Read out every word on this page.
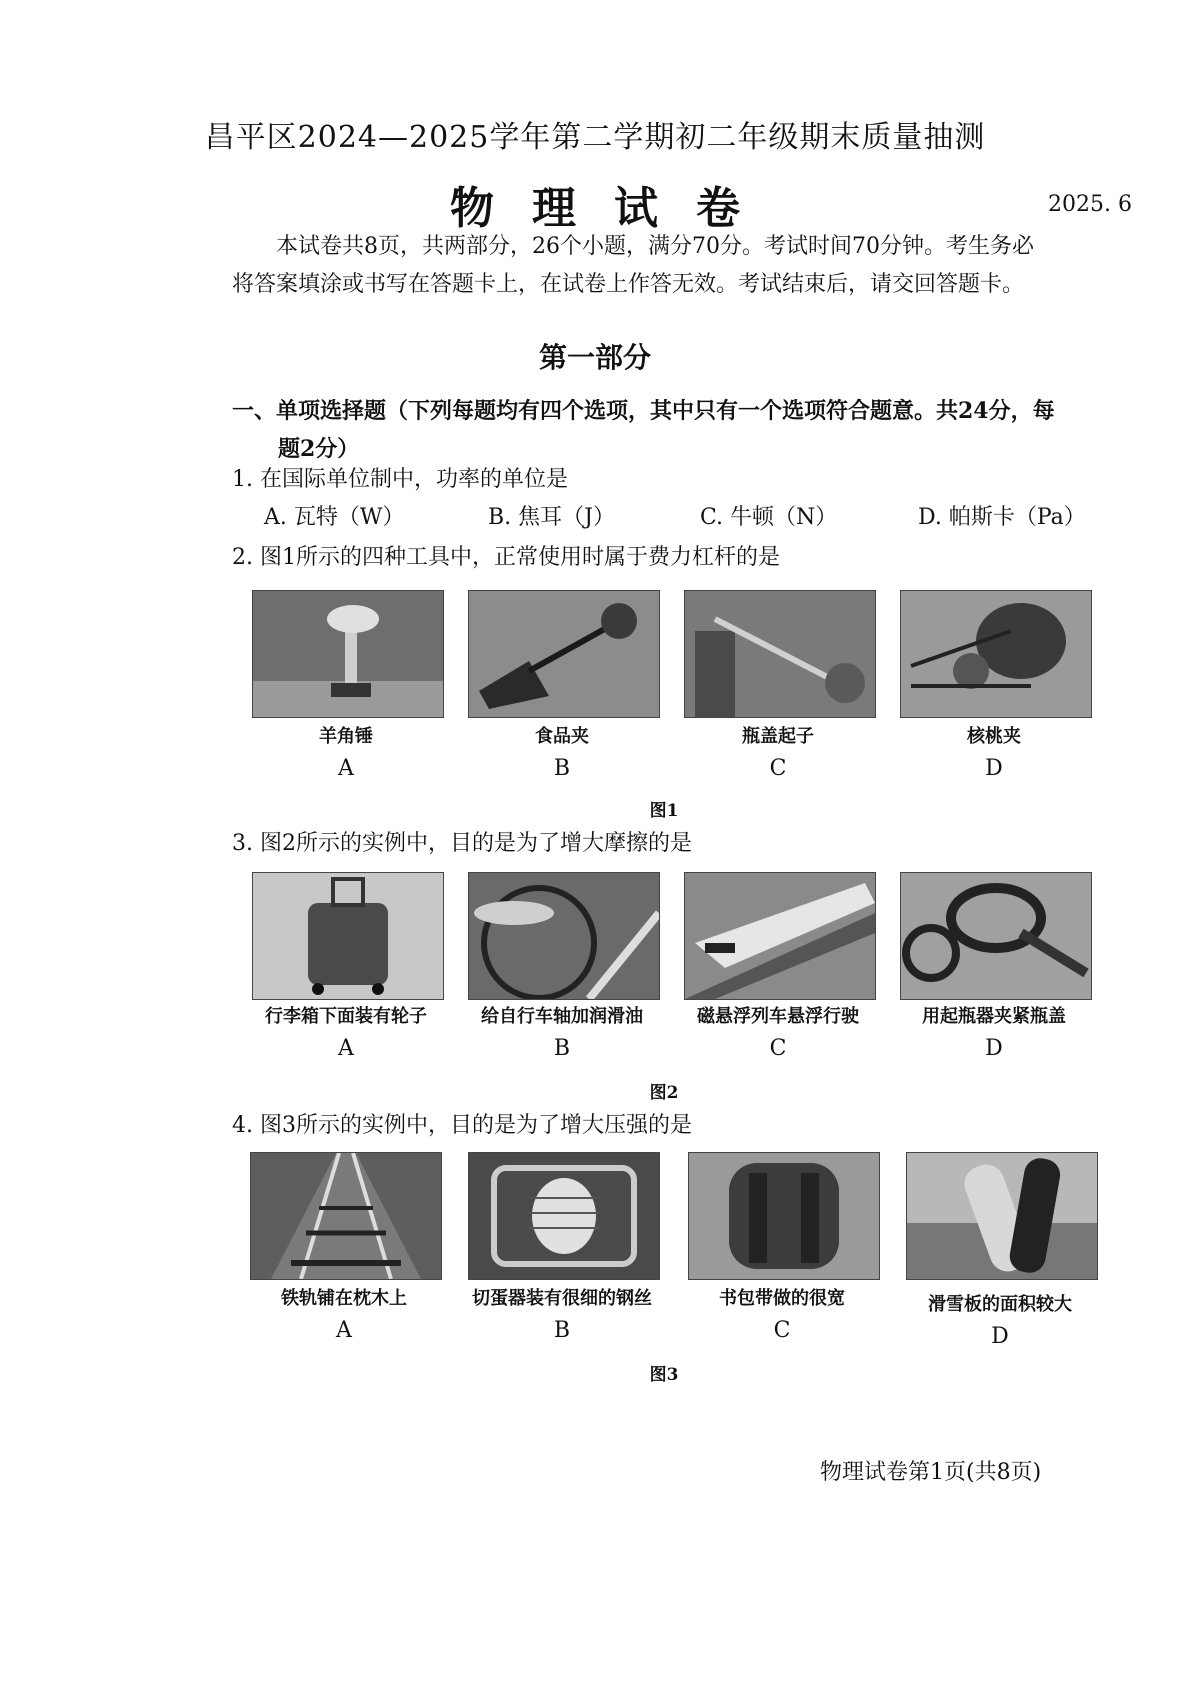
昌平区2024—2025学年第二学期初二年级期末质量抽测
物理试卷	2025. 6

本试卷共8页，共两部分，26个小题，满分70分。考试时间70分钟。考生务必

将答案填涂或书写在答题卡上，在试卷上作答无效。考试结束后，请交回答题卡。

第一部分
一、单项选择题（下列每题均有四个选项，其中只有一个选项符合题意。共24分，每
题2分）
1. 在国际单位制中，功率的单位是
A. 瓦特（W）	B. 焦耳（J）	C. 牛顿（N）	D. 帕斯卡（Pa）
2. 图1所示的四种工具中，正常使用时属于费力杠杆的是
羊角锤	食品夹	瓶盖起子	核桃夹
A	B	C	D
图1
3. 图2所示的实例中，目的是为了增大摩擦的是
行李箱下面装有轮子	给自行车轴加润滑油	磁悬浮列车悬浮行驶	用起瓶器夹紧瓶盖
A	B	C	D
图2
4. 图3所示的实例中，目的是为了增大压强的是
铁轨铺在枕木上	切蛋器装有很细的钢丝	书包带做的很宽	滑雪板的面积较大
A	B	C	D
图3
物理试卷第1页(共8页)
